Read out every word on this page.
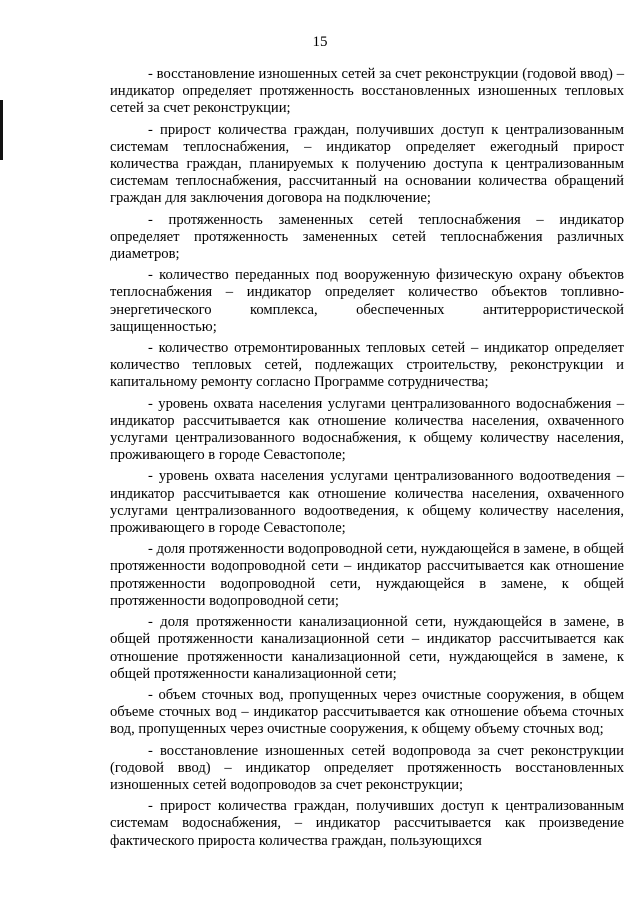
15

- восстановление изношенных сетей за счет реконструкции (годовой ввод) – индикатор определяет протяженность восстановленных изношенных тепловых сетей за счет реконструкции;

- прирост количества граждан, получивших доступ к централизованным системам теплоснабжения, – индикатор определяет ежегодный прирост количества граждан, планируемых к получению доступа к централизованным системам теплоснабжения, рассчитанный на основании количества обращений граждан для заключения договора на подключение;

- протяженность замененных сетей теплоснабжения – индикатор определяет протяженность замененных сетей теплоснабжения различных диаметров;

- количество переданных под вооруженную физическую охрану объектов теплоснабжения – индикатор определяет количество объектов топливно-энергетического комплекса, обеспеченных антитеррористической защищенностью;

- количество отремонтированных тепловых сетей – индикатор определяет количество тепловых сетей, подлежащих строительству, реконструкции и капитальному ремонту согласно Программе сотрудничества;

- уровень охвата населения услугами централизованного водоснабжения – индикатор рассчитывается как отношение количества населения, охваченного услугами централизованного водоснабжения, к общему количеству населения, проживающего в городе Севастополе;

- уровень охвата населения услугами централизованного водоотведения – индикатор рассчитывается как отношение количества населения, охваченного услугами централизованного водоотведения, к общему количеству населения, проживающего в городе Севастополе;

- доля протяженности водопроводной сети, нуждающейся в замене, в общей протяженности водопроводной сети – индикатор рассчитывается как отношение протяженности водопроводной сети, нуждающейся в замене, к общей протяженности водопроводной сети;

- доля протяженности канализационной сети, нуждающейся в замене, в общей протяженности канализационной сети – индикатор рассчитывается как отношение протяженности канализационной сети, нуждающейся в замене, к общей протяженности канализационной сети;

- объем сточных вод, пропущенных через очистные сооружения, в общем объеме сточных вод – индикатор рассчитывается как отношение объема сточных вод, пропущенных через очистные сооружения, к общему объему сточных вод;

- восстановление изношенных сетей водопровода за счет реконструкции (годовой ввод) – индикатор определяет протяженность восстановленных изношенных сетей водопроводов за счет реконструкции;

- прирост количества граждан, получивших доступ к централизованным системам водоснабжения, – индикатор рассчитывается как произведение фактического прироста количества граждан, пользующихся
